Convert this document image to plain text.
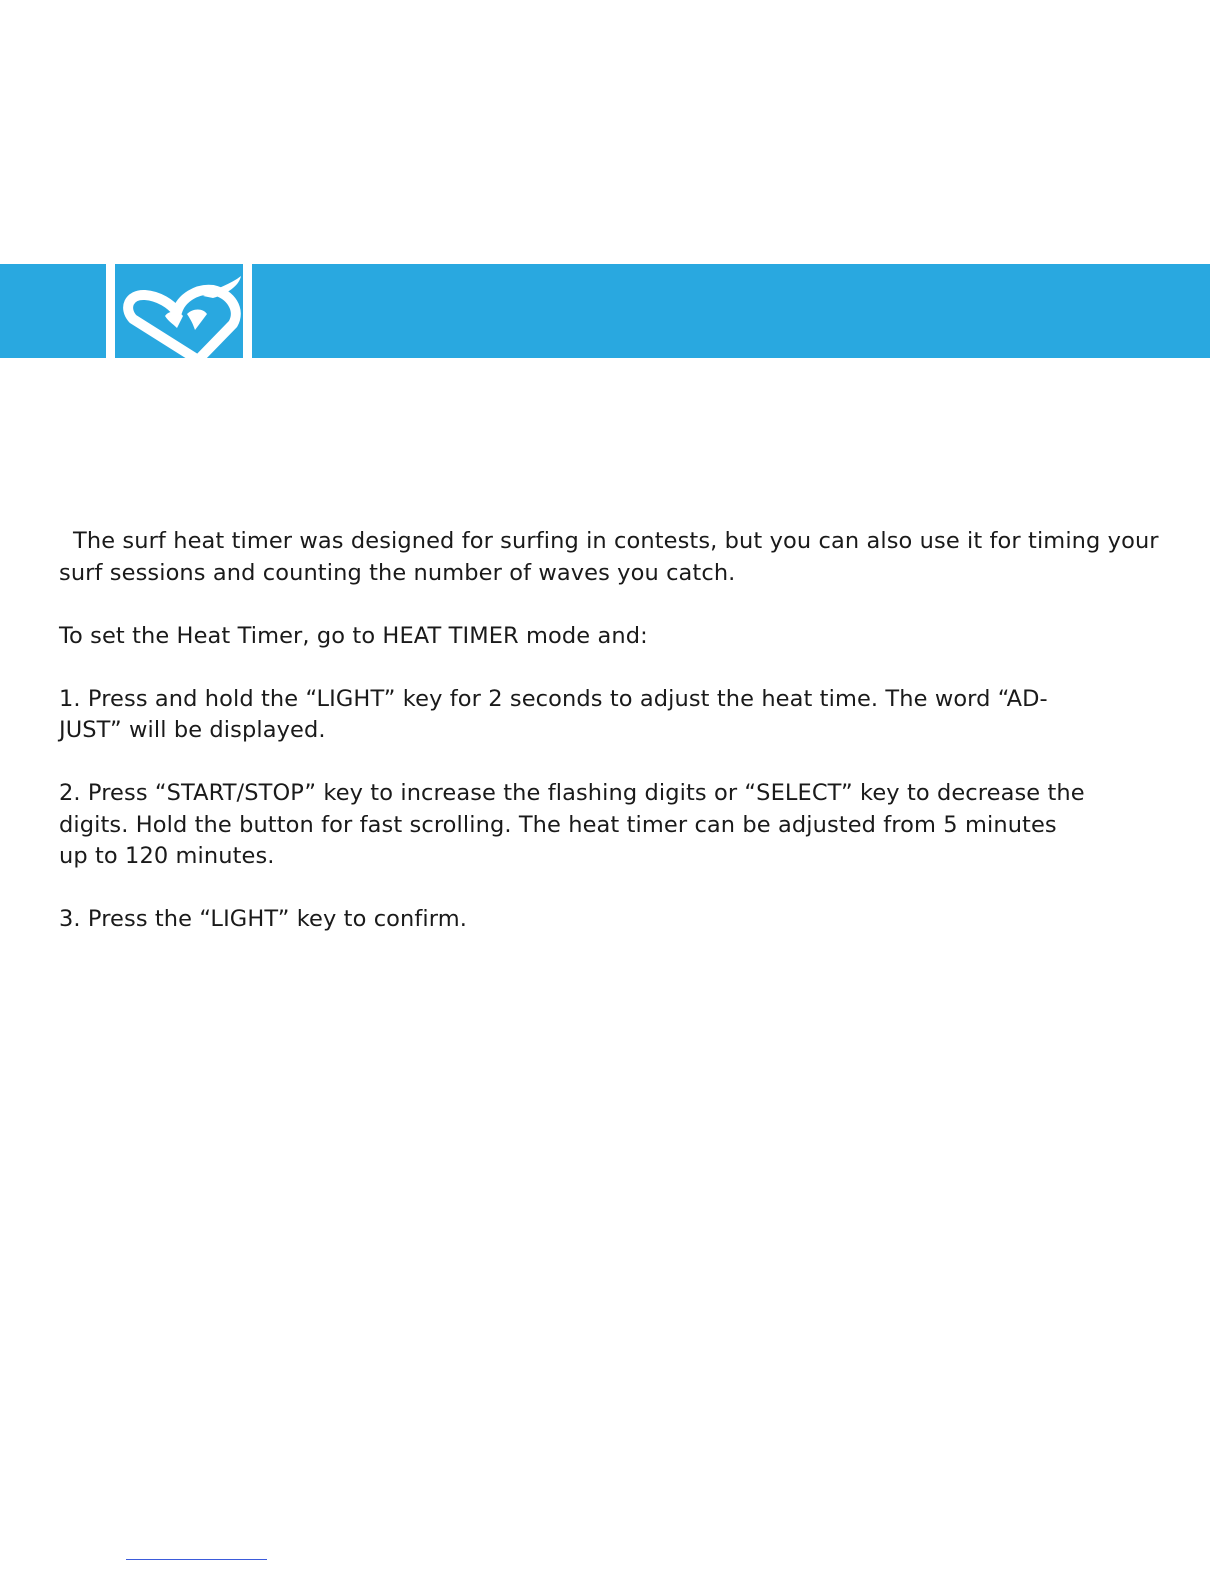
The surf heat timer was designed for surfing in contests, but you can also use it for timing your surf sessions and counting the number of waves you catch.

To set the Heat Timer, go to HEAT TIMER mode and:

1. Press and hold the “LIGHT” key for 2 seconds to adjust the heat time. The word “AD-
JUST” will be displayed.

2. Press “START/STOP” key to increase the flashing digits or “SELECT” key to decrease the
digits. Hold the button for fast scrolling. The heat timer can be adjusted from 5 minutes
up to 120 minutes.

3. Press the “LIGHT” key to confirm.
